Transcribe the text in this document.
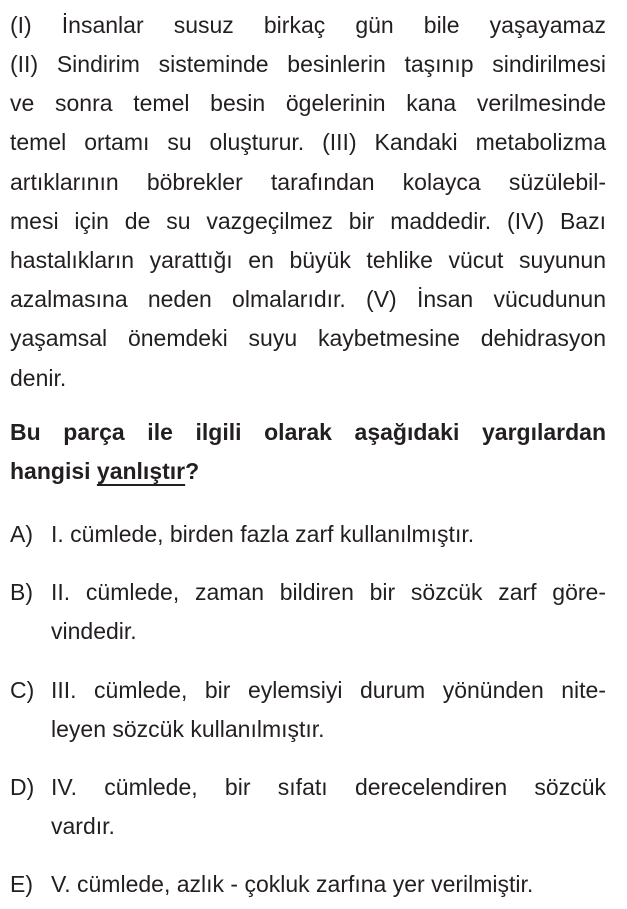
(I) İnsanlar susuz birkaç gün bile yaşayamaz
(II) Sindirim sisteminde besinlerin taşınıp sindirilmesi
ve sonra temel besin ögelerinin kana verilmesinde
temel ortamı su oluşturur. (III) Kandaki metabolizma
artıklarının böbrekler tarafından kolayca süzülebil-
mesi için de su vazgeçilmez bir maddedir. (IV) Bazı
hastalıkların yarattığı en büyük tehlike vücut suyunun
azalmasına neden olmalarıdır. (V) İnsan vücudunun
yaşamsal önemdeki suyu kaybetmesine dehidrasyon
denir.
Bu parça ile ilgili olarak aşağıdaki yargılardan
hangisi yanlıştır?
A) I. cümlede, birden fazla zarf kullanılmıştır.
B) II. cümlede, zaman bildiren bir sözcük zarf göre-
vindedir.
C) III. cümlede, bir eylemsiyi durum yönünden nite-
leyen sözcük kullanılmıştır.
D) IV. cümlede, bir sıfatı derecelendiren sözcük
vardır.
E) V. cümlede, azlık - çokluk zarfına yer verilmiştir.
